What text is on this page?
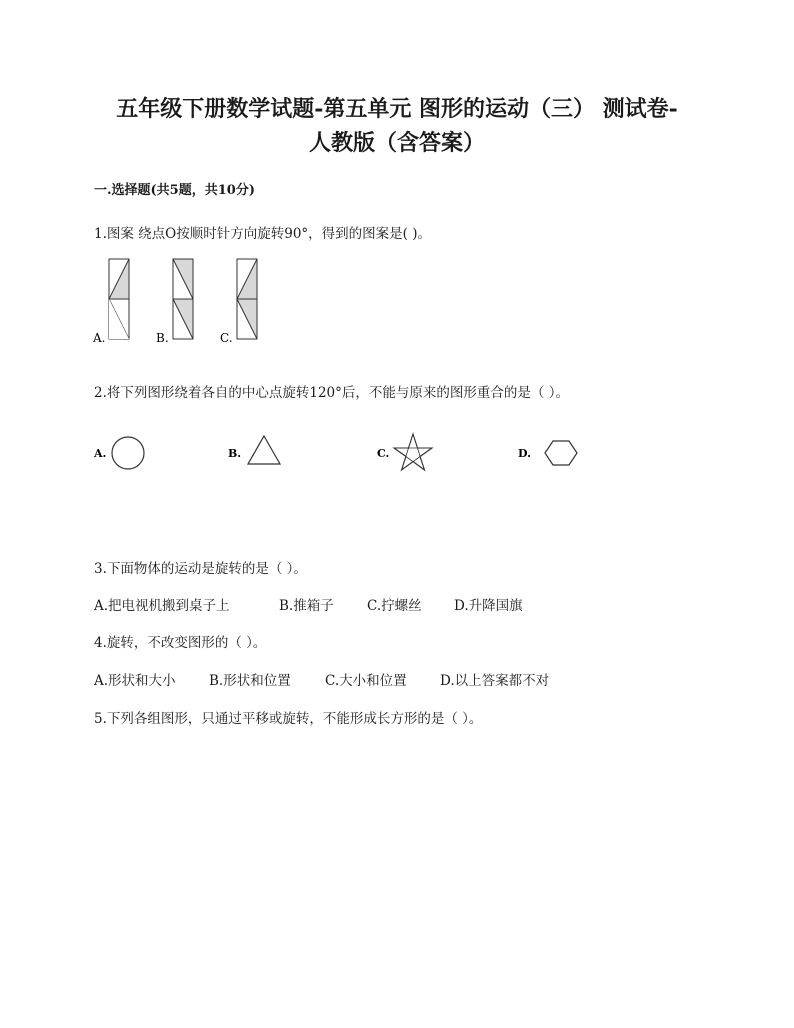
五年级下册数学试题-第五单元 图形的运动（三） 测试卷-
人教版（含答案）
一.选择题(共5题，共10分)
1.图案 绕点O按顺时针方向旋转90°，得到的图案是( )。
A.	B.	C.
2.将下列图形绕着各自的中心点旋转120°后，不能与原来的图形重合的是（ ）。
A.	B.	C.	D.
3.下面物体的运动是旋转的是（ ）。
A.把电视机搬到桌子上	B.推箱子 C.拧螺丝 D.升降国旗
4.旋转，不改变图形的（ ）。
A.形状和大小 B.形状和位置	C.大小和位置 D.以上答案都不对
5.下列各组图形，只通过平移或旋转，不能形成长方形的是（ ）。
